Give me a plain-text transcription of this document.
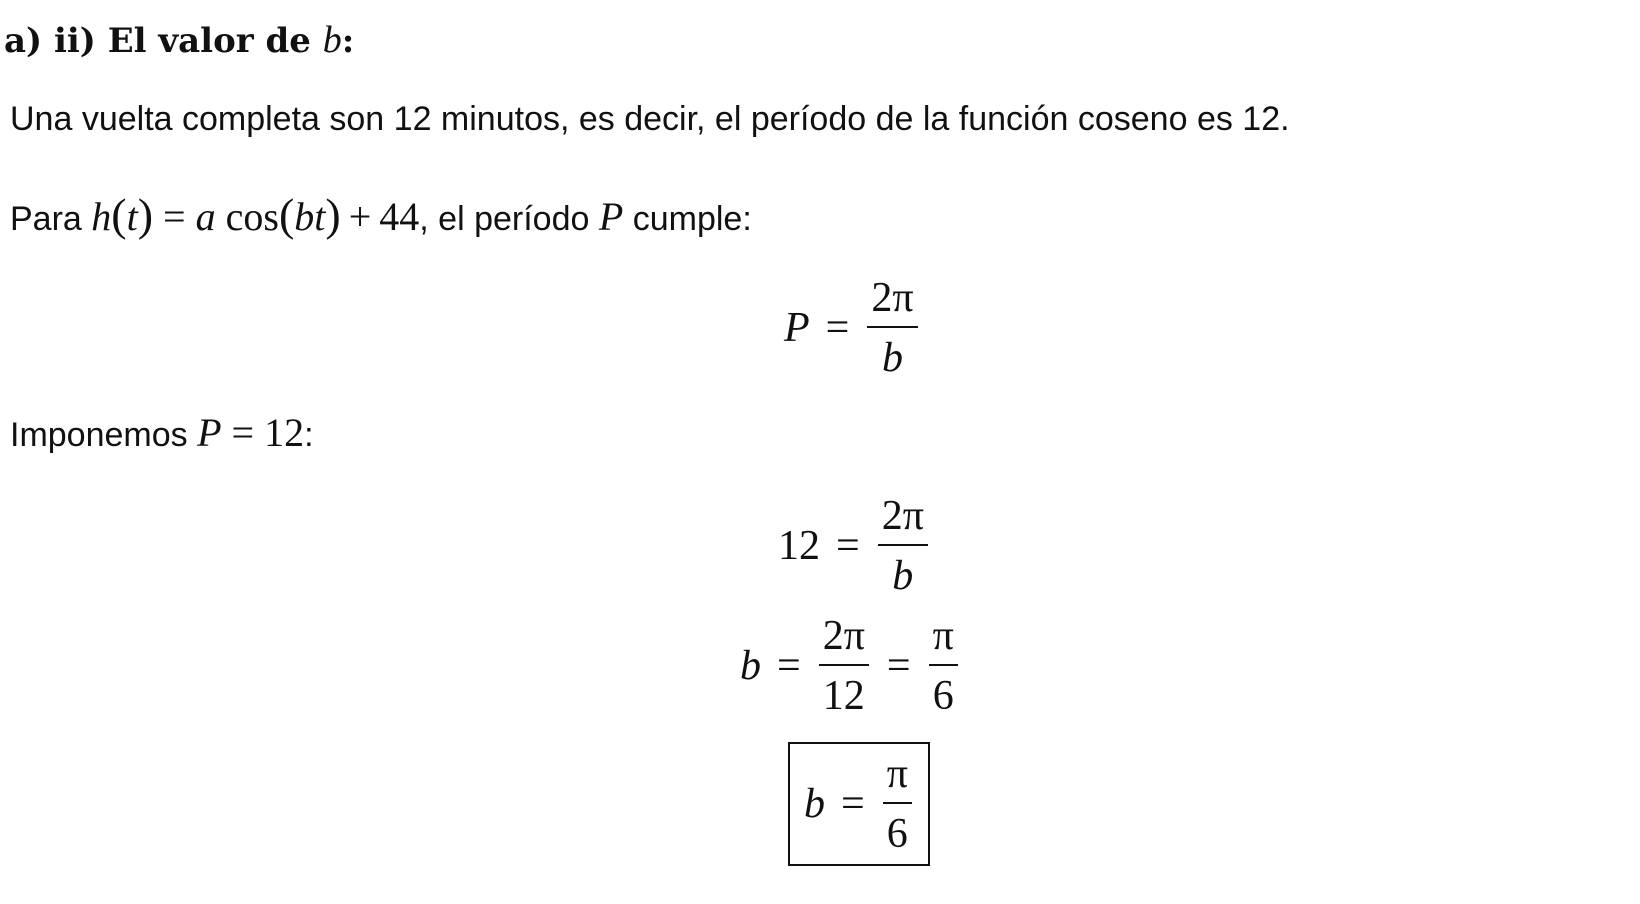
a) ii) El valor de b:
Una vuelta completa son 12 minutos, es decir, el período de la función coseno es 12.
Para h(t) = a cos(bt) + 44, el período P cumple:
$P = \frac{2\pi}{b}$
Imponemos P = 12:
$12 = \frac{2\pi}{b}$
$b = \frac{2\pi}{12} = \frac{\pi}{6}$
$b = \frac{\pi}{6}$
